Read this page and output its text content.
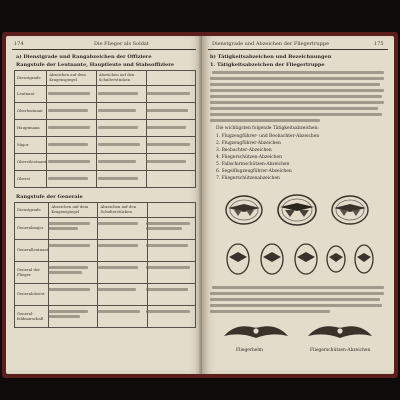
174	Die Flieger als Soldat
a) Dienstgrade und Rangabzeichen der Offiziere
Rangstufe der Leutnante, Hauptleute und Stabsoffiziere
Dienstgrade	Abzeichen auf dem Kragenspiegel	Abzeichen auf den Schulterstücken	

Leutnant			

Oberleutnant			

Hauptmann			

Major			

Oberstleutnant			

Oberst			

Rangstufe der Generale
Dienstgrade	Abzeichen auf dem Kragenspiegel	Abzeichen auf den Schulterstücken	

Generalmajor			

Generalleutnant			

General der Flieger			

Generaloberst			

General-feldmarschall			

Dienstgrade und Abzeichen der Fliegertruppe	175
b) Tätigkeitsabzeichen und Bezeichnungen
1. Tätigkeitsabzeichen der Fliegertruppe
Die wichtigsten folgende Tätigkeitsabzeichen:
1. Flugzeugführer- und Beobachter-Abzeichen
2. Flugzeugführer-Abzeichen
3. Beobachter-Abzeichen
4. Fliegerschützen-Abzeichen
5. Fallschirmschützen-Abzeichen
6. Segelflugzeugführer-Abzeichen
7. Fliegerschützenabzeichen
Fliegerhelm	Fliegerschützen-Abzeichen
